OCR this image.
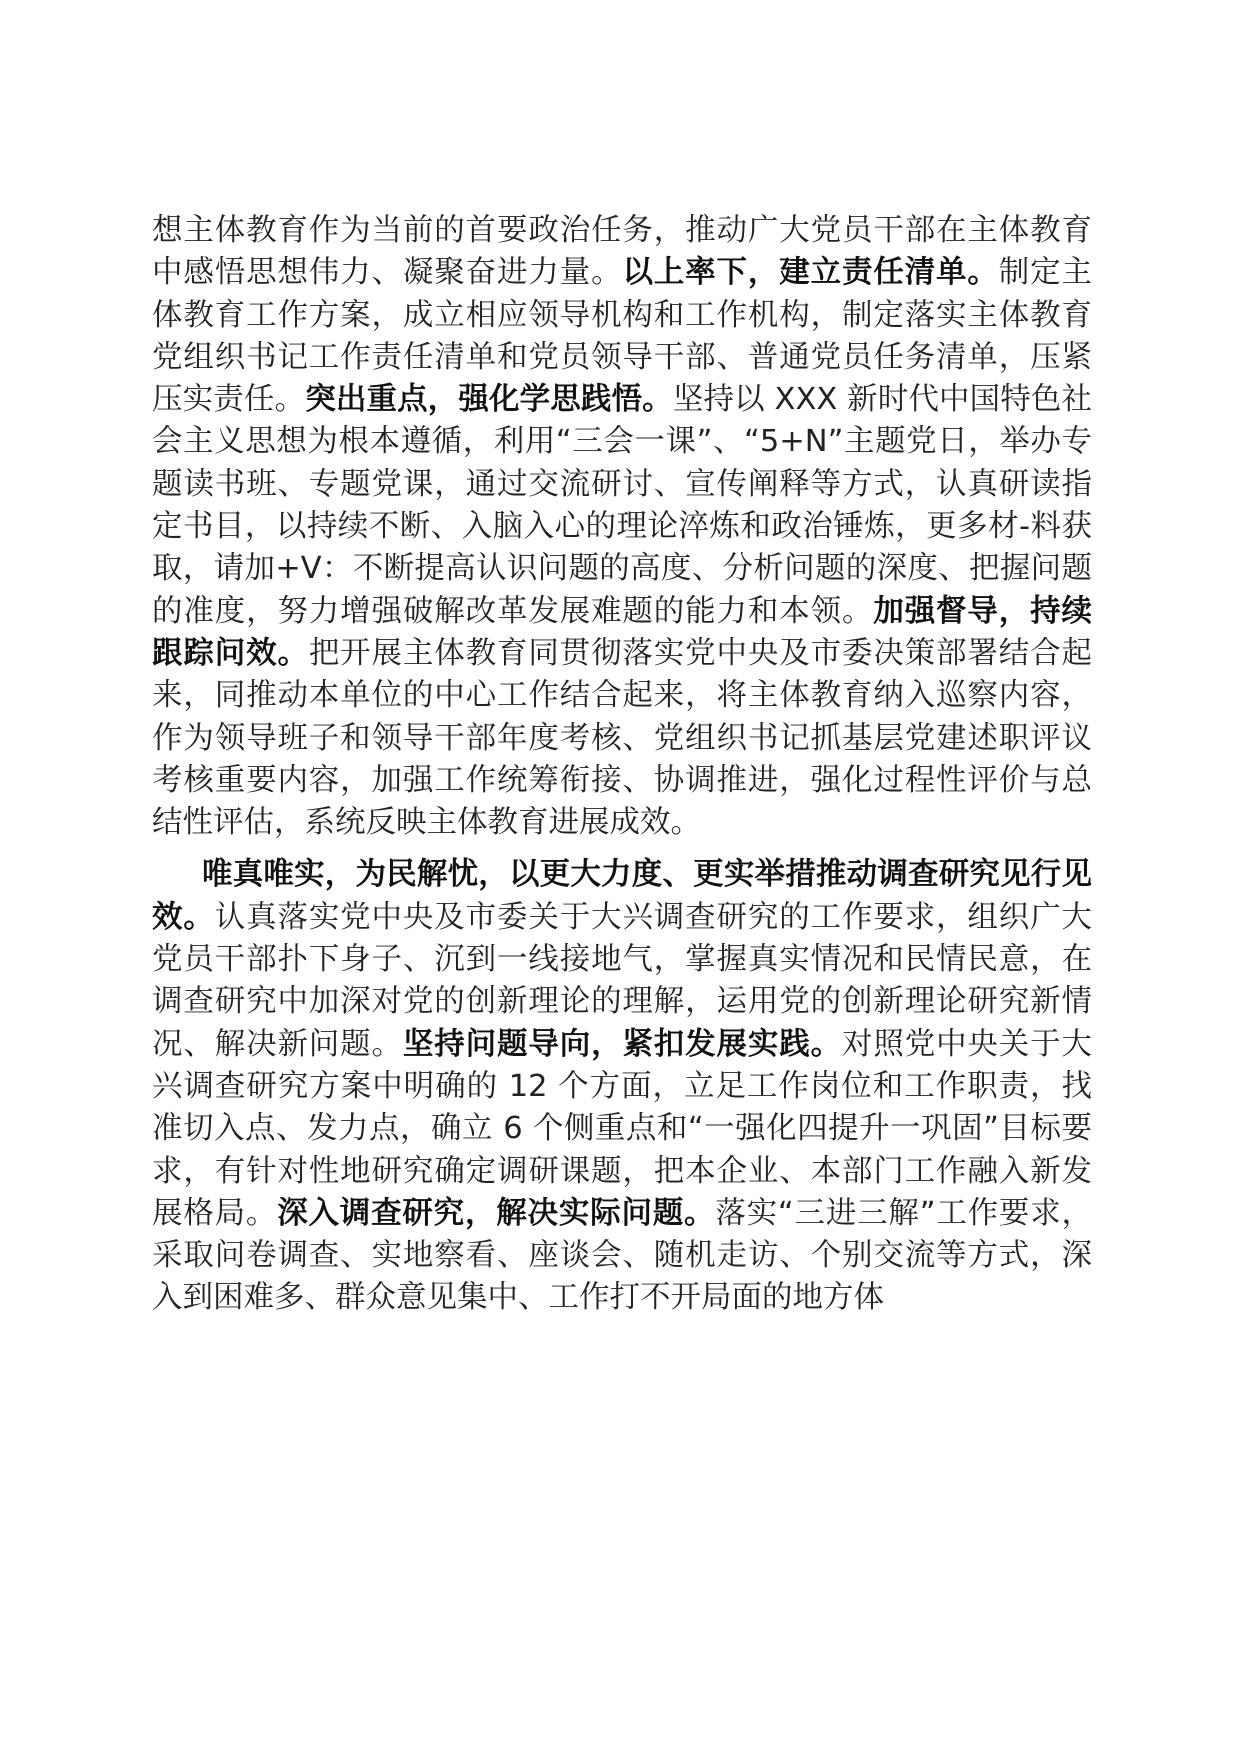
想主体教育作为当前的首要政治任务，推动广大党员干部在主体教育中感悟思想伟力、凝聚奋进力量。以上率下，建立责任清单。制定主体教育工作方案，成立相应领导机构和工作机构，制定落实主体教育党组织书记工作责任清单和党员领导干部、普通党员任务清单，压紧压实责任。突出重点，强化学思践悟。坚持以 XXX 新时代中国特色社会主义思想为根本遵循，利用“三会一课”、“5+N”主题党日，举办专题读书班、专题党课，通过交流研讨、宣传阐释等方式，认真研读指定书目，以持续不断、入脑入心的理论淬炼和政治锤炼，更多材-料获取，请加+V：不断提高认识问题的高度、分析问题的深度、把握问题的准度，努力增强破解改革发展难题的能力和本领。加强督导，持续跟踪问效。把开展主体教育同贯彻落实党中央及市委决策部署结合起来，同推动本单位的中心工作结合起来，将主体教育纳入巡察内容，作为领导班子和领导干部年度考核、党组织书记抓基层党建述职评议考核重要内容，加强工作统筹衔接、协调推进，强化过程性评价与总结性评估，系统反映主体教育进展成效。

唯真唯实，为民解忧，以更大力度、更实举措推动调查研究见行见效。认真落实党中央及市委关于大兴调查研究的工作要求，组织广大党员干部扑下身子、沉到一线接地气，掌握真实情况和民情民意，在调查研究中加深对党的创新理论的理解，运用党的创新理论研究新情况、解决新问题。坚持问题导向，紧扣发展实践。对照党中央关于大兴调查研究方案中明确的 12 个方面，立足工作岗位和工作职责，找准切入点、发力点，确立 6 个侧重点和“一强化四提升一巩固”目标要求，有针对性地研究确定调研课题，把本企业、本部门工作融入新发展格局。深入调查研究，解决实际问题。落实“三进三解”工作要求，采取问卷调查、实地察看、座谈会、随机走访、个别交流等方式，深入到困难多、群众意见集中、工作打不开局面的地方体
